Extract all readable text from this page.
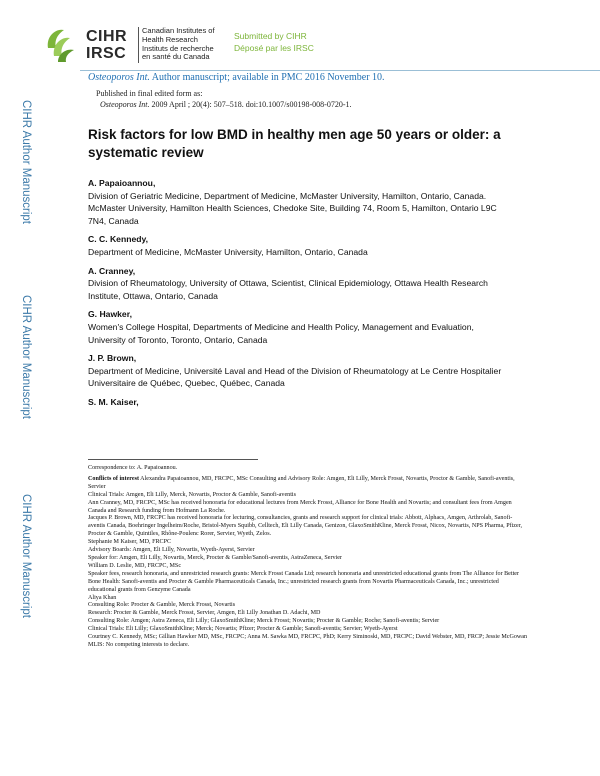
CIHR
IRSC
Canadian Institutes of
Health Research
Instituts de recherche
en santé du Canada
Submitted by CIHR
Déposé par les IRSC
Osteoporos Int. Author manuscript; available in PMC 2016 November 10.
Published in final edited form as:
Osteoporos Int. 2009 April ; 20(4): 507–518. doi:10.1007/s00198-008-0720-1.
CIHR Author Manuscript
CIHR Author Manuscript
CIHR Author Manuscript
Risk factors for low BMD in healthy men age 50 years or older: a systematic review
A. Papaioannou,
Division of Geriatric Medicine, Department of Medicine, McMaster University, Hamilton, Ontario, Canada. McMaster University, Hamilton Health Sciences, Chedoke Site, Building 74, Room 5, Hamilton, Ontario L9C 7N4, Canada
C. C. Kennedy,
Department of Medicine, McMaster University, Hamilton, Ontario, Canada
A. Cranney,
Division of Rheumatology, University of Ottawa, Scientist, Clinical Epidemiology, Ottawa Health Research Institute, Ottawa, Ontario, Canada
G. Hawker,
Women's College Hospital, Departments of Medicine and Health Policy, Management and Evaluation, University of Toronto, Toronto, Ontario, Canada
J. P. Brown,
Department of Medicine, Université Laval and Head of the Division of Rheumatology at Le Centre Hospitalier Universitaire de Québec, Quebec, Québec, Canada
S. M. Kaiser,
Correspondence to: A. Papaioannou.
Conflicts of interest Alexandra Papaioannou, MD, FRCPC, MSc Consulting and Advisory Role: Amgen, Eli Lilly, Merck Frosst, Novartis, Proctor & Gamble, Sanofi-aventis, Servier
Clinical Trials: Amgen, Eli Lilly, Merck, Novartis, Proctor & Gamble, Sanofi-aventis
Ann Cranney, MD, FRCPC, MSc has received honoraria for educational lectures from Merck Frosst, Alliance for Bone Health and Novartis; and consultant fees from Amgen Canada and Research funding from Hofmann La Roche.
Jacques P. Brown, MD, FRCPC has received honoraria for lecturing, consultancies, grants and research support for clinical trials: Abbott, Alphacs, Amgen, Arthrolab, Sanofi-aventis Canada, Boehringer Ingelheim/Roche, Bristol-Myers Squibb, Celltech, Eli Lilly Canada, Genizon, GlaxoSmithKline, Merck Frosst, Nicox, Novartis, NPS Pharma, Pfizer, Procter & Gamble, Quintiles, Rhône-Poulenc Rorer, Servier, Wyeth, Zelos.
Stephanie M Kaiser, MD, FRCPC
Advisory Boards: Amgen, Eli Lilly, Novartis, Wyeth-Ayerst, Servier
Speaker for: Amgen, Eli Lilly, Novartis, Merck, Procter & Gamble/Sanofi-aventis, AstraZeneca, Servier
William D. Leslie, MD, FRCPC, MSc
Speaker fees, research honoraria, and unrestricted research grants: Merck Frosst Canada Ltd; research honoraria and unrestricted educational grants from The Alliance for Better Bone Health: Sanofi-aventis and Procter & Gamble Pharmaceuticals Canada, Inc.; unrestricted research grants from Novartis Pharmaceuticals Canada, Inc.; unrestricted educational grants from Genzyme Canada
Aliya Khan
Consulting Role: Procter & Gamble, Merck Frosst, Novartis
Research: Procter & Gamble, Merck Frosst, Servier, Amgen, Eli Lilly Jonathan D. Adachi, MD
Consulting Role: Amgen; Astra Zeneca, Eli Lilly; GlaxoSmithKline; Merck Frosst; Novartis; Procter & Gamble; Roche; Sanofi-aventis; Servier
Clinical Trials: Eli Lilly; GlaxoSmithKline; Merck; Novartis; Pfizer; Procter & Gamble; Sanofi-aventis; Servier; Wyeth-Ayerst
Courtney C. Kennedy, MSc; Gillian Hawker MD, MSc, FRCPC; Anna M. Sawka MD, FRCPC, PhD; Kerry Siminoski, MD, FRCPC; David Webster, MD, FRCP; Jessie McGowan MLIS: No competing interests to declare.
